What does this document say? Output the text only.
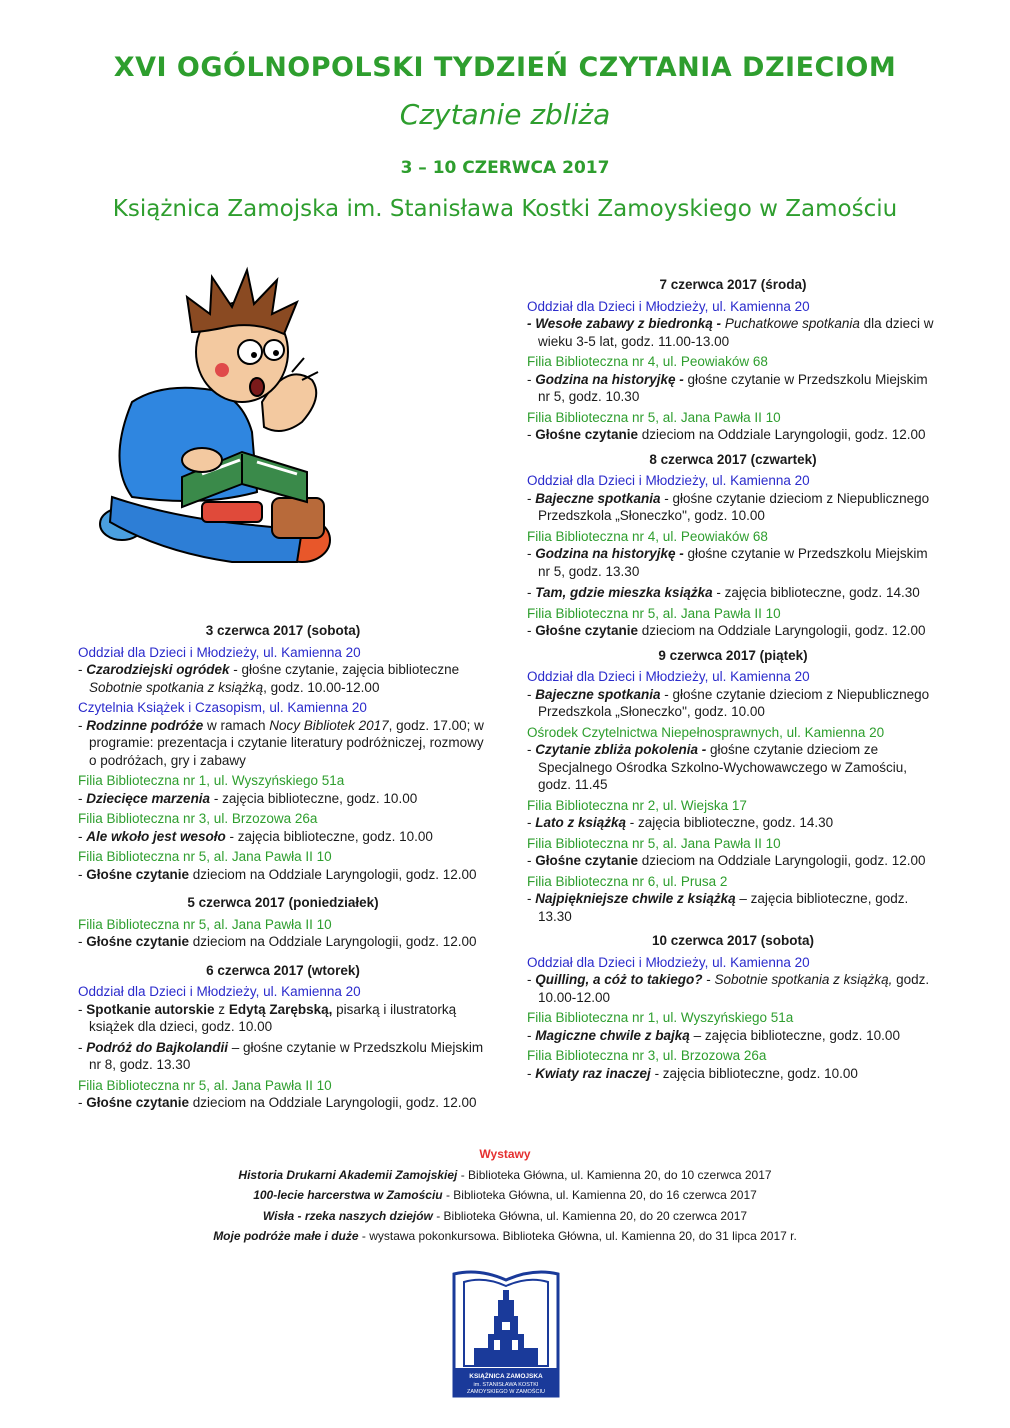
XVI OGÓLNOPOLSKI TYDZIEŃ CZYTANIA DZIECIOM
Czytanie zbliża
3 – 10 CZERWCA 2017
Książnica Zamojska im. Stanisława Kostki Zamoyskiego w Zamościu
3 czerwca 2017 (sobota)
Oddział dla Dzieci i Młodzieży, ul. Kamienna 20
- Czarodziejski ogródek - głośne czytanie, zajęcia biblioteczne
Sobotnie spotkania z książką, godz. 10.00-12.00
Czytelnia Książek i Czasopism, ul. Kamienna 20
- Rodzinne podróże w ramach Nocy Bibliotek 2017, godz. 17.00; w programie: prezentacja i czytanie literatury podróżniczej, rozmowy o podróżach, gry i zabawy
Filia Biblioteczna nr 1, ul. Wyszyńskiego 51a
- Dziecięce marzenia - zajęcia biblioteczne, godz. 10.00
Filia Biblioteczna nr 3, ul. Brzozowa 26a
- Ale wkoło jest wesoło - zajęcia biblioteczne, godz. 10.00
Filia Biblioteczna nr 5, al. Jana Pawła II 10
- Głośne czytanie dzieciom na Oddziale Laryngologii, godz. 12.00
5 czerwca 2017 (poniedziałek)
Filia Biblioteczna nr 5, al. Jana Pawła II 10
- Głośne czytanie dzieciom na Oddziale Laryngologii, godz. 12.00
6 czerwca 2017 (wtorek)
Oddział dla Dzieci i Młodzieży, ul. Kamienna 20
- Spotkanie autorskie z Edytą Zarębską, pisarką i ilustratorką książek dla dzieci, godz. 10.00
- Podróż do Bajkolandii – głośne czytanie w Przedszkolu Miejskim nr 8, godz. 13.30
Filia Biblioteczna nr 5, al. Jana Pawła II 10
- Głośne czytanie dzieciom na Oddziale Laryngologii, godz. 12.00
7 czerwca 2017 (środa)
Oddział dla Dzieci i Młodzieży, ul. Kamienna 20
- Wesołe zabawy z biedronką - Puchatkowe spotkania dla dzieci w wieku 3-5 lat, godz. 11.00-13.00
Filia Biblioteczna nr 4, ul. Peowiaków 68
- Godzina na historyjkę - głośne czytanie w Przedszkolu Miejskim nr 5, godz. 10.30
Filia Biblioteczna nr 5, al. Jana Pawła II 10
- Głośne czytanie dzieciom na Oddziale Laryngologii, godz. 12.00
8 czerwca 2017 (czwartek)
Oddział dla Dzieci i Młodzieży, ul. Kamienna 20
- Bajeczne spotkania - głośne czytanie dzieciom z Niepublicznego Przedszkola „Słoneczko", godz. 10.00
Filia Biblioteczna nr 4, ul. Peowiaków 68
- Godzina na historyjkę - głośne czytanie w Przedszkolu Miejskim nr 5, godz. 13.30
- Tam, gdzie mieszka książka - zajęcia biblioteczne, godz. 14.30
Filia Biblioteczna nr 5, al. Jana Pawła II 10
- Głośne czytanie dzieciom na Oddziale Laryngologii, godz. 12.00
9 czerwca 2017 (piątek)
Oddział dla Dzieci i Młodzieży, ul. Kamienna 20
- Bajeczne spotkania - głośne czytanie dzieciom z Niepublicznego Przedszkola „Słoneczko", godz. 10.00
Ośrodek Czytelnictwa Niepełnosprawnych, ul. Kamienna 20
- Czytanie zbliża pokolenia - głośne czytanie dzieciom ze Specjalnego Ośrodka Szkolno-Wychowawczego w Zamościu, godz. 11.45
Filia Biblioteczna nr 2, ul. Wiejska 17
- Lato z książką - zajęcia biblioteczne, godz. 14.30
Filia Biblioteczna nr 5, al. Jana Pawła II 10
- Głośne czytanie dzieciom na Oddziale Laryngologii, godz. 12.00
Filia Biblioteczna nr 6, ul. Prusa 2
- Najpiękniejsze chwile z książką – zajęcia biblioteczne, godz. 13.30
10 czerwca 2017 (sobota)
Oddział dla Dzieci i Młodzieży, ul. Kamienna 20
- Quilling, a cóż to takiego? - Sobotnie spotkania z książką, godz. 10.00-12.00
Filia Biblioteczna nr 1, ul. Wyszyńskiego 51a
- Magiczne chwile z bajką – zajęcia biblioteczne, godz. 10.00
Filia Biblioteczna nr 3, ul. Brzozowa 26a
- Kwiaty raz inaczej - zajęcia biblioteczne, godz. 10.00
Wystawy
Historia Drukarni Akademii Zamojskiej - Biblioteka Główna, ul. Kamienna 20, do 10 czerwca 2017
100-lecie harcerstwa w Zamościu - Biblioteka Główna, ul. Kamienna 20, do 16 czerwca 2017
Wisła - rzeka naszych dziejów - Biblioteka Główna, ul. Kamienna 20, do 20 czerwca 2017
Moje podróże małe i duże - wystawa pokonkursowa. Biblioteka Główna, ul. Kamienna 20, do 31 lipca 2017 r.
KSIĄŻNICA ZAMOJSKA
im. STANISŁAWA KOSTKI
ZAMOYSKIEGO W ZAMOŚCIU
